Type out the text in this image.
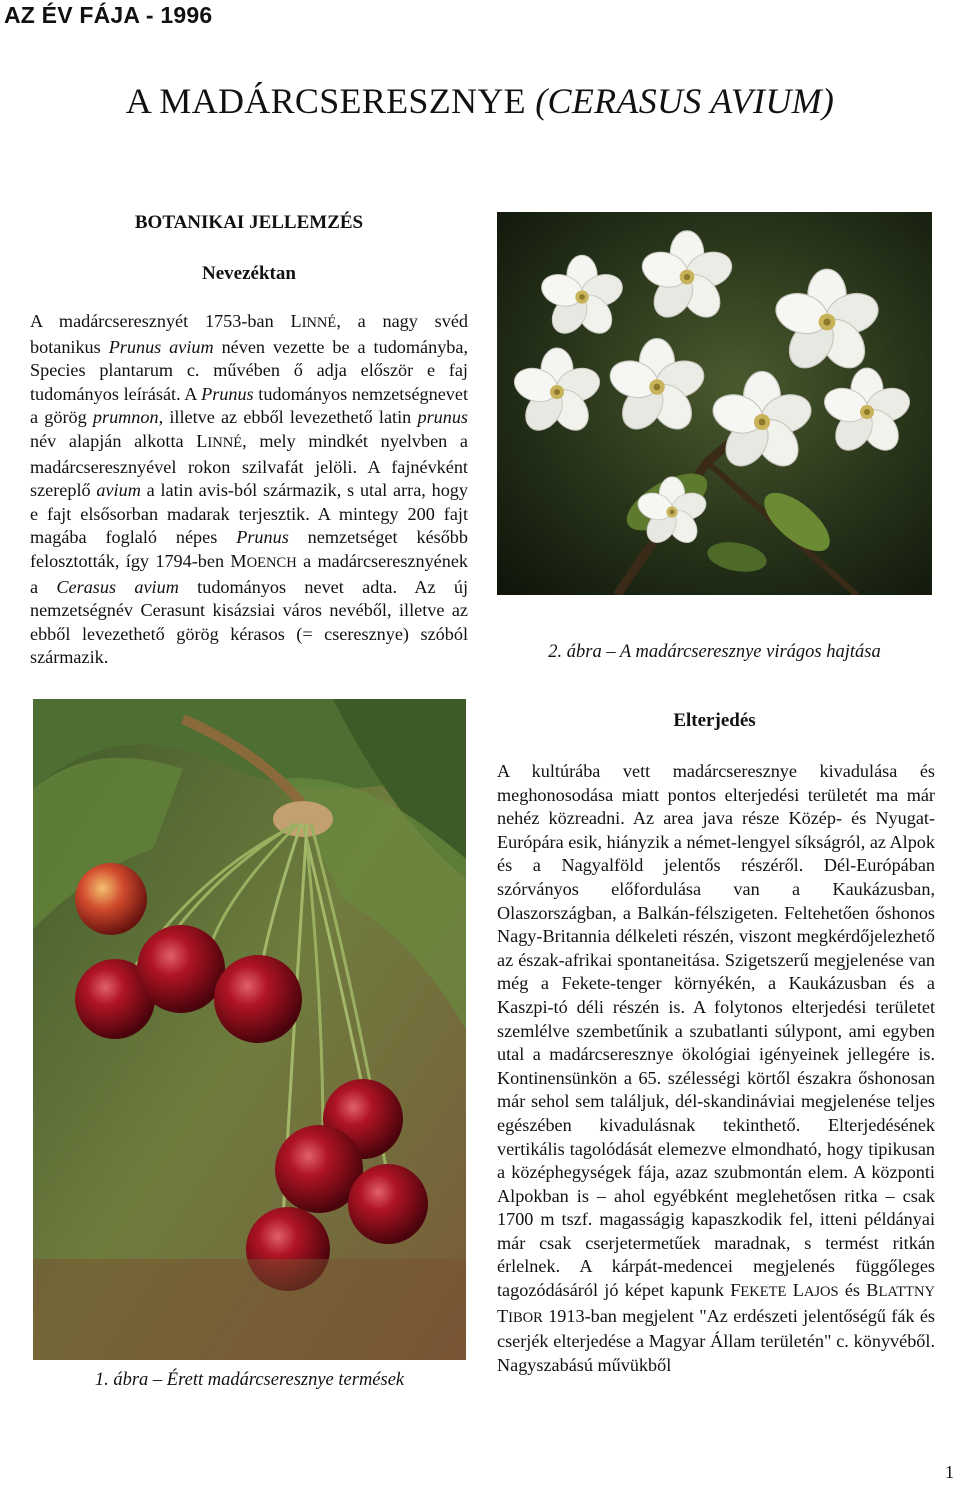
AZ ÉV FÁJA - 1996
A MADÁRCSERESZNYE (CERASUS AVIUM)
BOTANIKAI JELLEMZÉS
Nevezéktan
A madárcseresznyét 1753-ban LINNÉ, a nagy svéd botanikus Prunus avium néven vezette be a tudományba, Species plantarum c. művében ő adja először e faj tudományos leírását. A Prunus tudományos nemzetségnevet a görög prumnon, illetve az ebből levezethető latin prunus név alapján alkotta LINNÉ, mely mindkét nyelvben a madárcseresznyével rokon szilvafát jelöli. A fajnévként szereplő avium a latin avis-ból származik, s utal arra, hogy e fajt elsősorban madarak terjesztik. A mintegy 200 fajt magába foglaló népes Prunus nemzetséget később felosztották, így 1794-ben MOENCH a madárcseresznyének a Cerasus avium tudományos nevet adta. Az új nemzetségnév Cerasunt kisázsiai város nevéből, illetve az ebből levezethető görög kérasos (= cseresznye) szóból származik.	2. ábra – A madárcseresznye virágos hajtása
1. ábra – Érett madárcseresznye termések
Elterjedés
A kultúrába vett madárcseresznye kivadulása és meghonosodása miatt pontos elterjedési területét ma már nehéz közreadni. Az area java része Közép- és Nyugat-Európára esik, hiányzik a német-lengyel síkságról, az Alpok és a Nagyalföld jelentős részéről. Dél-Európában szórványos előfordulása van a Kaukázusban, Olaszországban, a Balkán-félszigeten. Feltehetően őshonos Nagy-Britannia délkeleti részén, viszont megkérdőjelezhető az észak-afrikai spontaneitása. Szigetszerű megjelenése van még a Fekete-tenger környékén, a Kaukázusban és a Kaszpi-tó déli részén is. A folytonos elterjedési területet szemlélve szembetűnik a szubatlanti súlypont, ami egyben utal a madárcseresznye ökológiai igényeinek jellegére is. Kontinensünkön a 65. szélességi körtől északra őshonosan már sehol sem találjuk, dél-skandináviai megjelenése teljes egészében kivadulásnak tekinthető. Elterjedésének vertikális tagolódását elemezve elmondható, hogy tipikusan a középhegységek fája, azaz szubmontán elem. A központi Alpokban is – ahol egyébként meglehetősen ritka – csak 1700 m tszf. magasságig kapaszkodik fel, itteni példányai már csak cserjetermetűek maradnak, s termést ritkán érlelnek. A kárpát-medencei megjelenés függőleges tagozódásáról jó képet kapunk FEKETE LAJOS és BLATTNY TIBOR 1913-ban megjelent "Az erdészeti jelentőségű fák és cserjék elterjedése a Magyar Állam területén" c. könyvéből. Nagyszabású művükből
1
